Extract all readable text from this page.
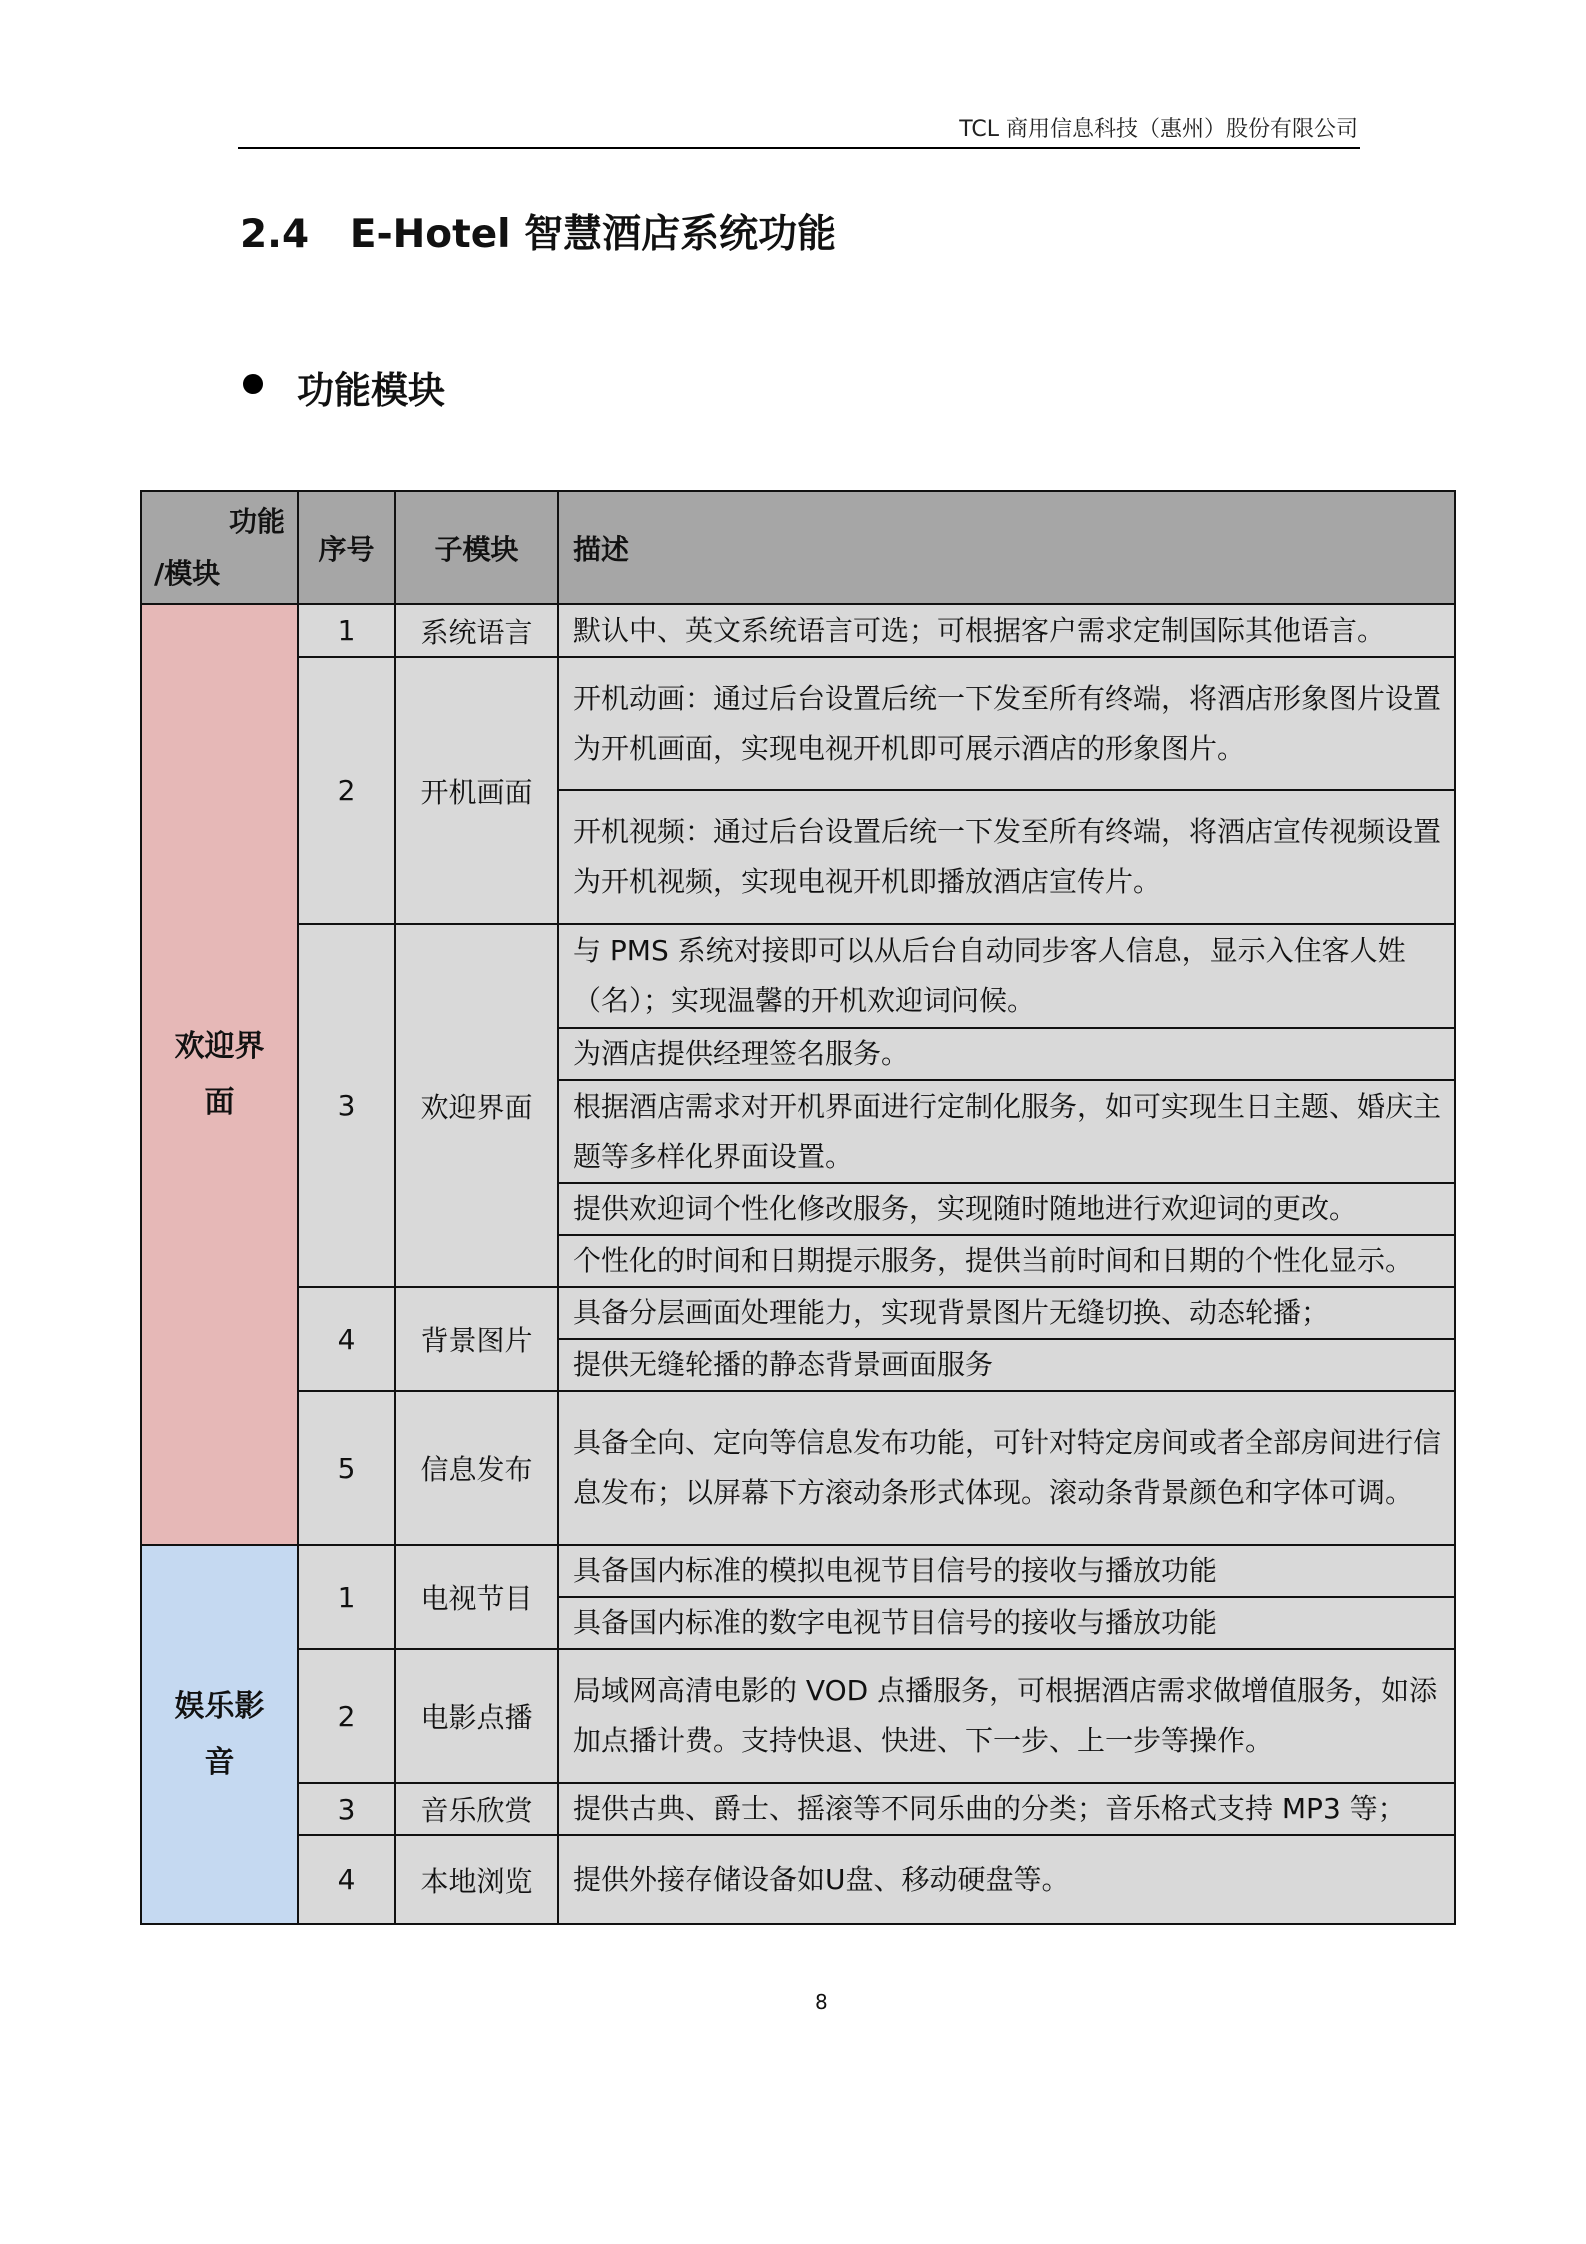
TCL 商用信息科技（惠州）股份有限公司
2.4   E-Hotel 智慧酒店系统功能
功能模块
功能
/模块	序号	子模块	描述

欢迎界
面	1	系统语言	默认中、英文系统语言可选；可根据客户需求定制国际其他语言。
	2	开机画面	开机动画：通过后台设置后统一下发至所有终端，将酒店形象图片设置为开机画面，实现电视开机即可展示酒店的形象图片。
			开机视频：通过后台设置后统一下发至所有终端，将酒店宣传视频设置为开机视频，实现电视开机即播放酒店宣传片。
	3	欢迎界面	与 PMS 系统对接即可以从后台自动同步客人信息，显示入住客人姓（名）；实现温馨的开机欢迎词问候。
			为酒店提供经理签名服务。
			根据酒店需求对开机界面进行定制化服务，如可实现生日主题、婚庆主题等多样化界面设置。
			提供欢迎词个性化修改服务，实现随时随地进行欢迎词的更改。
			个性化的时间和日期提示服务，提供当前时间和日期的个性化显示。
	4	背景图片	具备分层画面处理能力，实现背景图片无缝切换、动态轮播；
			提供无缝轮播的静态背景画面服务
	5	信息发布	具备全向、定向等信息发布功能，可针对特定房间或者全部房间进行信息发布；以屏幕下方滚动条形式体现。滚动条背景颜色和字体可调。

娱乐影
音	1	电视节目	具备国内标准的模拟电视节目信号的接收与播放功能
			具备国内标准的数字电视节目信号的接收与播放功能
	2	电影点播	局域网高清电影的 VOD 点播服务，可根据酒店需求做增值服务，如添加点播计费。支持快退、快进、下一步、上一步等操作。
	3	音乐欣赏	提供古典、爵士、摇滚等不同乐曲的分类；音乐格式支持 MP3 等；
	4	本地浏览	提供外接存储设备如U盘、移动硬盘等。
8
